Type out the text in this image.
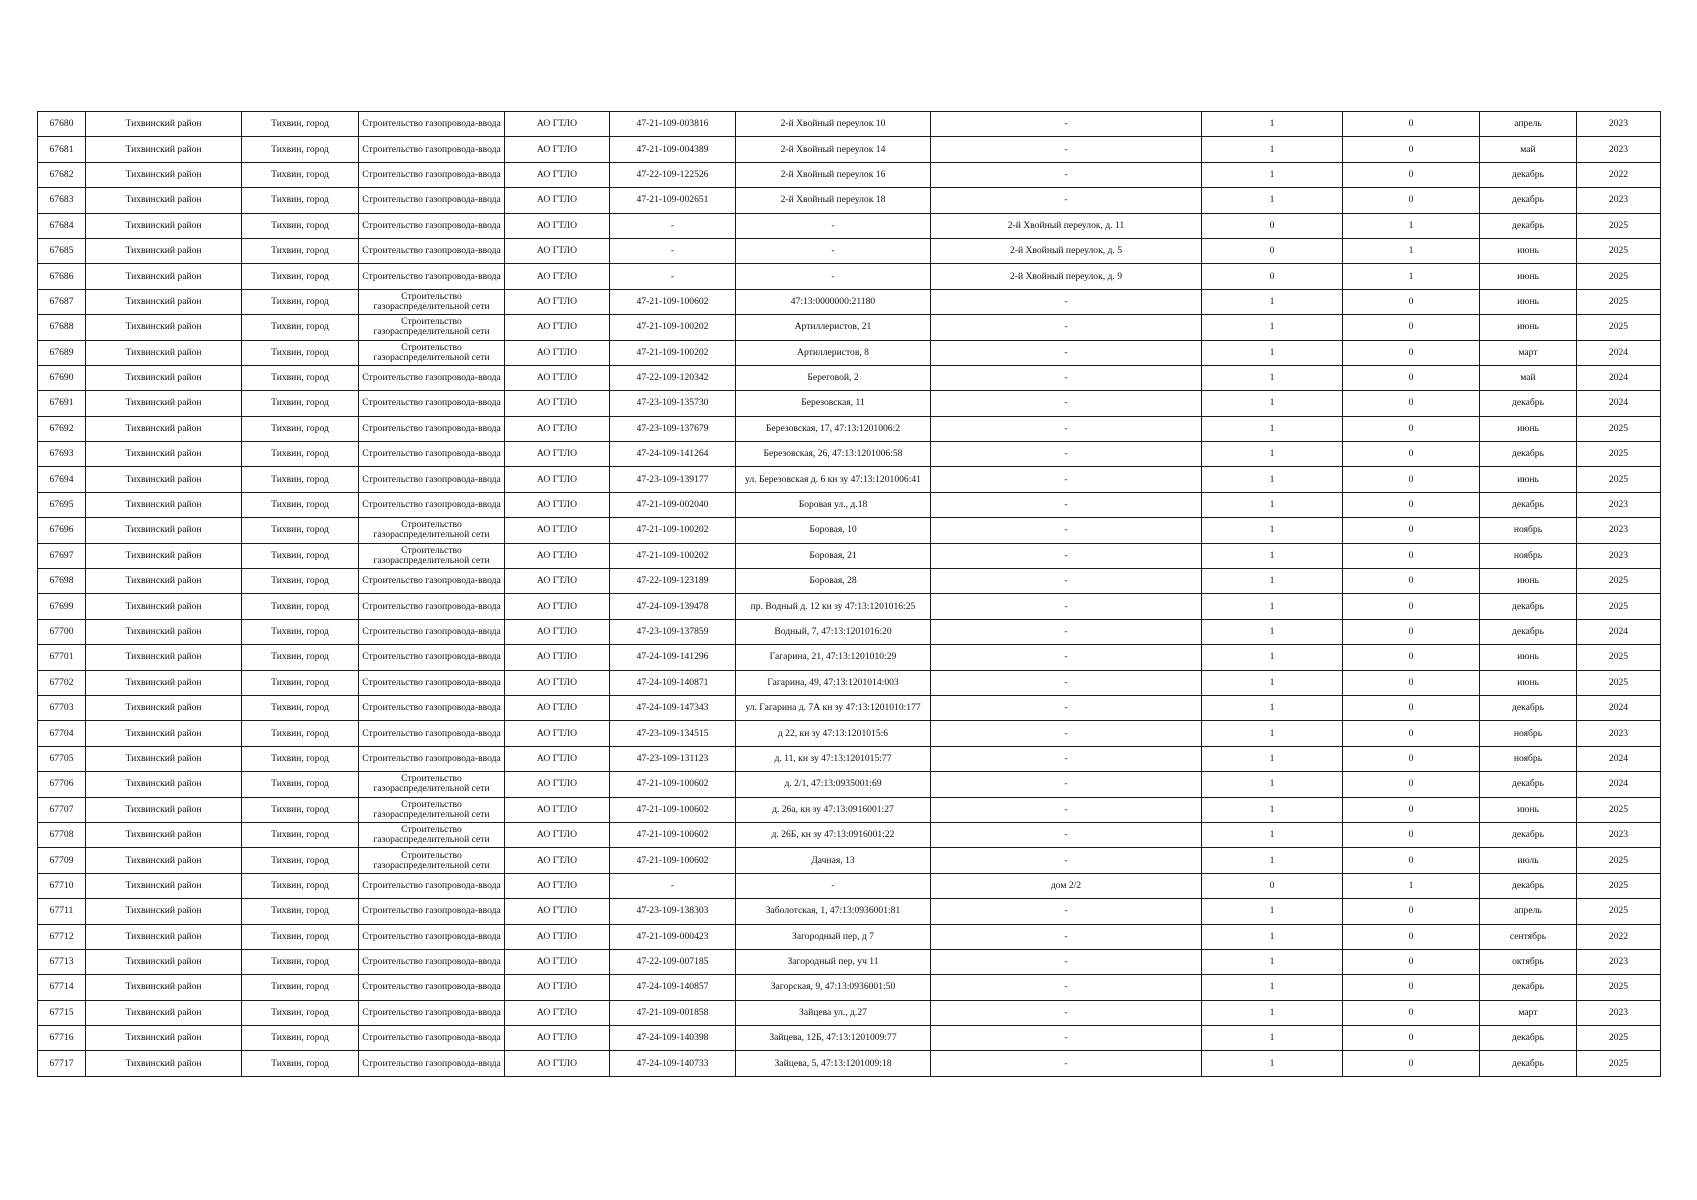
67680	Тихвинский район	Тихвин, город	Строительство газопровода-ввода	АО ГТЛО	47-21-109-003816	2-й Хвойный переулок 10	-	1	0	апрель	2023
67681	Тихвинский район	Тихвин, город	Строительство газопровода-ввода	АО ГТЛО	47-21-109-004389	2-й Хвойный переулок 14	-	1	0	май	2023
67682	Тихвинский район	Тихвин, город	Строительство газопровода-ввода	АО ГТЛО	47-22-109-122526	2-й Хвойный переулок 16	-	1	0	декабрь	2022
67683	Тихвинский район	Тихвин, город	Строительство газопровода-ввода	АО ГТЛО	47-21-109-002651	2-й Хвойный переулок 18	-	1	0	декабрь	2023
67684	Тихвинский район	Тихвин, город	Строительство газопровода-ввода	АО ГТЛО	-	-	2-й Хвойный переулок, д. 11	0	1	декабрь	2025
67685	Тихвинский район	Тихвин, город	Строительство газопровода-ввода	АО ГТЛО	-	-	2-й Хвойный переулок, д. 5	0	1	июнь	2025
67686	Тихвинский район	Тихвин, город	Строительство газопровода-ввода	АО ГТЛО	-	-	2-й Хвойный переулок, д. 9	0	1	июнь	2025
67687	Тихвинский район	Тихвин, город	Строительство газораспределительной сети	АО ГТЛО	47-21-109-100602	47:13:0000000:21180	-	1	0	июнь	2025
67688	Тихвинский район	Тихвин, город	Строительство газораспределительной сети	АО ГТЛО	47-21-109-100202	Артиллеристов, 21	-	1	0	июнь	2025
67689	Тихвинский район	Тихвин, город	Строительство газораспределительной сети	АО ГТЛО	47-21-109-100202	Артиллеристов, 8	-	1	0	март	2024
67690	Тихвинский район	Тихвин, город	Строительство газопровода-ввода	АО ГТЛО	47-22-109-120342	Береговой, 2	-	1	0	май	2024
67691	Тихвинский район	Тихвин, город	Строительство газопровода-ввода	АО ГТЛО	47-23-109-135730	Березовская, 11	-	1	0	декабрь	2024
67692	Тихвинский район	Тихвин, город	Строительство газопровода-ввода	АО ГТЛО	47-23-109-137679	Березовская, 17, 47:13:1201006:2	-	1	0	июнь	2025
67693	Тихвинский район	Тихвин, город	Строительство газопровода-ввода	АО ГТЛО	47-24-109-141264	Березовская, 26, 47:13:1201006:58	-	1	0	декабрь	2025
67694	Тихвинский район	Тихвин, город	Строительство газопровода-ввода	АО ГТЛО	47-23-109-139177	ул. Березовская д. 6 кн зу 47:13:1201006:41	-	1	0	июнь	2025
67695	Тихвинский район	Тихвин, город	Строительство газопровода-ввода	АО ГТЛО	47-21-109-002040	Боровая ул., д.18	-	1	0	декабрь	2023
67696	Тихвинский район	Тихвин, город	Строительство газораспределительной сети	АО ГТЛО	47-21-109-100202	Боровая, 10	-	1	0	ноябрь	2023
67697	Тихвинский район	Тихвин, город	Строительство газораспределительной сети	АО ГТЛО	47-21-109-100202	Боровая, 21	-	1	0	ноябрь	2023
67698	Тихвинский район	Тихвин, город	Строительство газопровода-ввода	АО ГТЛО	47-22-109-123189	Боровая, 28	-	1	0	июнь	2025
67699	Тихвинский район	Тихвин, город	Строительство газопровода-ввода	АО ГТЛО	47-24-109-139478	пр. Водный д. 12 кн зу 47:13:1201016:25	-	1	0	декабрь	2025
67700	Тихвинский район	Тихвин, город	Строительство газопровода-ввода	АО ГТЛО	47-23-109-137859	Водный, 7, 47:13:1201016:20	-	1	0	декабрь	2024
67701	Тихвинский район	Тихвин, город	Строительство газопровода-ввода	АО ГТЛО	47-24-109-141296	Гагарина, 21, 47:13:1201010:29	-	1	0	июнь	2025
67702	Тихвинский район	Тихвин, город	Строительство газопровода-ввода	АО ГТЛО	47-24-109-140871	Гагарина, 49, 47:13:1201014:003	-	1	0	июнь	2025
67703	Тихвинский район	Тихвин, город	Строительство газопровода-ввода	АО ГТЛО	47-24-109-147343	ул. Гагарина д. 7А кн зу 47:13:1201010:177	-	1	0	декабрь	2024
67704	Тихвинский район	Тихвин, город	Строительство газопровода-ввода	АО ГТЛО	47-23-109-134515	д 22, кн зу 47:13:1201015:6	-	1	0	ноябрь	2023
67705	Тихвинский район	Тихвин, город	Строительство газопровода-ввода	АО ГТЛО	47-23-109-131123	д. 11, кн зу 47:13:1201015:77	-	1	0	ноябрь	2024
67706	Тихвинский район	Тихвин, город	Строительство газораспределительной сети	АО ГТЛО	47-21-109-100602	д. 2/1, 47:13:0935001:69	-	1	0	декабрь	2024
67707	Тихвинский район	Тихвин, город	Строительство газораспределительной сети	АО ГТЛО	47-21-109-100602	д. 26а, кн зу 47:13:0916001:27	-	1	0	июнь	2025
67708	Тихвинский район	Тихвин, город	Строительство газораспределительной сети	АО ГТЛО	47-21-109-100602	д. 26Б, кн зу 47:13:0916001:22	-	1	0	декабрь	2023
67709	Тихвинский район	Тихвин, город	Строительство газораспределительной сети	АО ГТЛО	47-21-109-100602	Дачная, 13	-	1	0	июль	2025
67710	Тихвинский район	Тихвин, город	Строительство газопровода-ввода	АО ГТЛО	-	-	дом 2/2	0	1	декабрь	2025
67711	Тихвинский район	Тихвин, город	Строительство газопровода-ввода	АО ГТЛО	47-23-109-138303	Заболотская, 1, 47:13:0936001:81	-	1	0	апрель	2025
67712	Тихвинский район	Тихвин, город	Строительство газопровода-ввода	АО ГТЛО	47-21-109-000423	Загородный пер, д 7	-	1	0	сентябрь	2022
67713	Тихвинский район	Тихвин, город	Строительство газопровода-ввода	АО ГТЛО	47-22-109-007185	Загородный пер, уч 11	-	1	0	октябрь	2023
67714	Тихвинский район	Тихвин, город	Строительство газопровода-ввода	АО ГТЛО	47-24-109-140857	Загорская, 9, 47:13:0936001:50	-	1	0	декабрь	2025
67715	Тихвинский район	Тихвин, город	Строительство газопровода-ввода	АО ГТЛО	47-21-109-001858	Зайцева ул., д.27	-	1	0	март	2023
67716	Тихвинский район	Тихвин, город	Строительство газопровода-ввода	АО ГТЛО	47-24-109-140398	Зайцева, 12Б, 47:13:1201009:77	-	1	0	декабрь	2025
67717	Тихвинский район	Тихвин, город	Строительство газопровода-ввода	АО ГТЛО	47-24-109-140733	Зайцева, 5, 47:13:1201009:18	-	1	0	декабрь	2025
